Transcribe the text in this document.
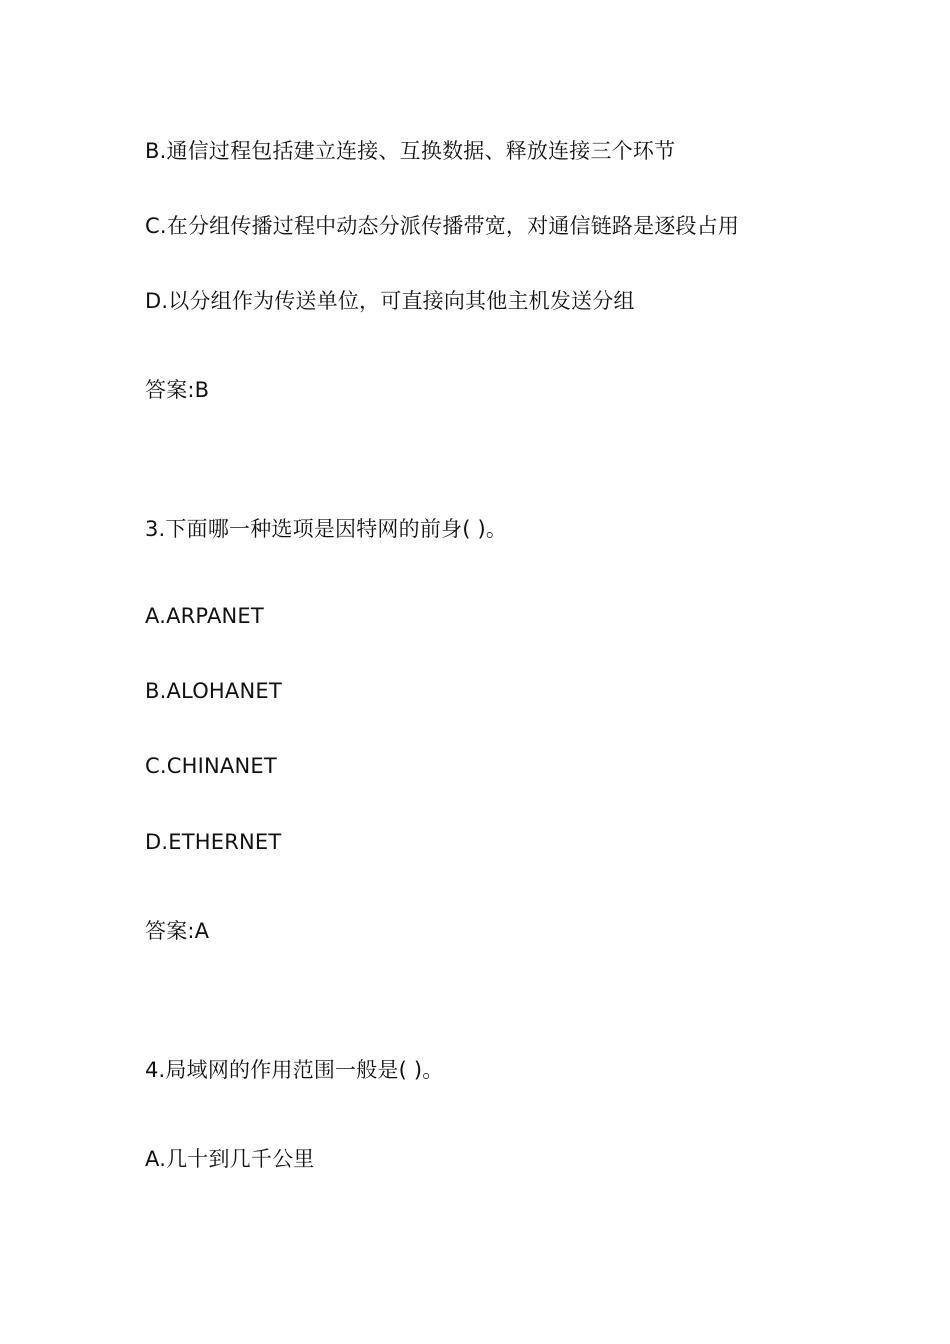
B.通信过程包括建立连接、互换数据、释放连接三个环节
C.在分组传播过程中动态分派传播带宽，对通信链路是逐段占用
D.以分组作为传送单位，可直接向其他主机发送分组
答案:B
3.下面哪一种选项是因特网的前身( )。
A.ARPANET
B.ALOHANET
C.CHINANET
D.ETHERNET
答案:A
4.局域网的作用范围一般是( )。
A.几十到几千公里
